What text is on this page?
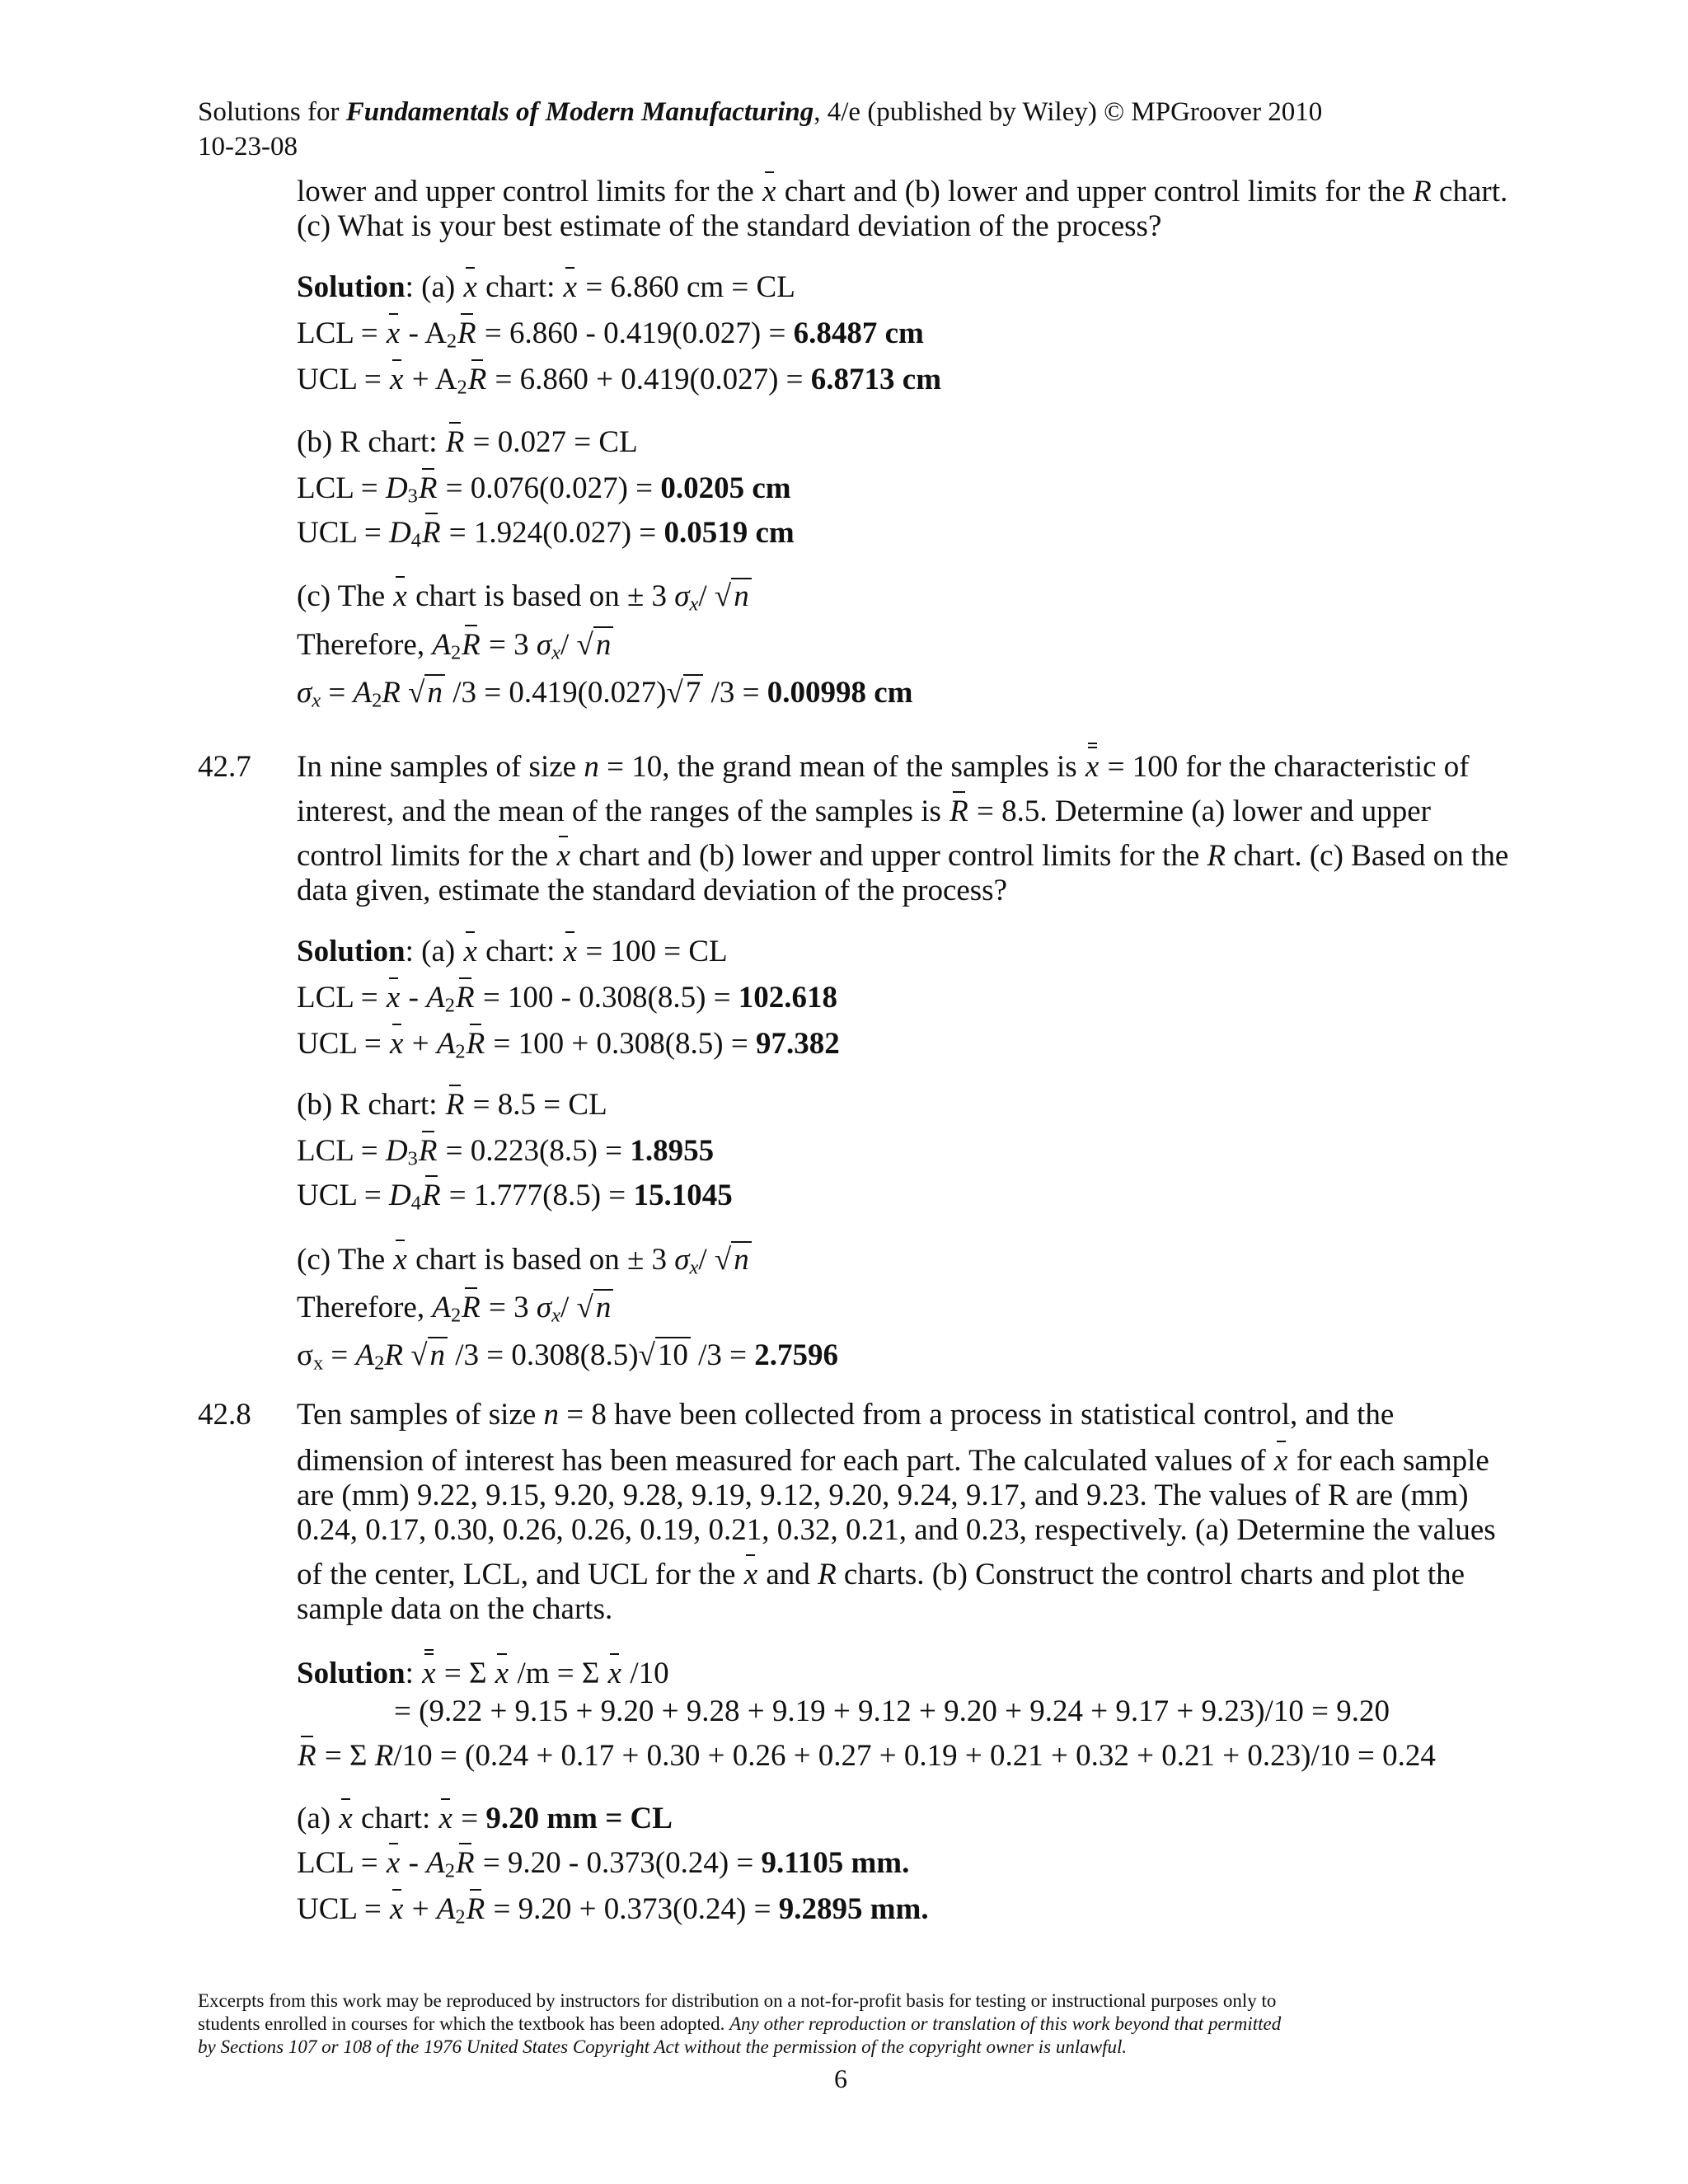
Solutions for Fundamentals of Modern Manufacturing, 4/e (published by Wiley) © MPGroover 2010
10-23-08
lower and upper control limits for the x chart and (b) lower and upper control limits for the R chart.
(c) What is your best estimate of the standard deviation of the process?
Solution: (a) x chart: x = 6.860 cm = CL
LCL = $x - A_2R = 6.860 - 0.419(0.027) = 6.8487$ cm
UCL = $x + A_2R = 6.860 + 0.419(0.027) = 6.8713$ cm
(b) R chart: R = 0.027 = CL
LCL = $D_3R = 0.076(0.027) = 0.0205$ cm
UCL = $D_4R = 1.924(0.027) = 0.0519$ cm
(c) The x chart is based on ± 3 $\sigma_x/$ √n
Therefore, $A_2R = 3$ $\sigma_x/$ √n
$\sigma_x = A_2R$ √n /3 = 0.419(0.027)√7 /3 = 0.00998 cm
42.7 In nine samples of size n = 10, the grand mean of the samples is x = 100 for the characteristic of
interest, and the mean of the ranges of the samples is R = 8.5. Determine (a) lower and upper
control limits for the x chart and (b) lower and upper control limits for the R chart. (c) Based on the
data given, estimate the standard deviation of the process?
Solution: (a) x chart: x = 100 = CL
LCL = $x - A_2R = 100 - 0.308(8.5) = 102.618$
UCL = $x + A_2R = 100 + 0.308(8.5) = 97.382$
(b) R chart: R = 8.5 = CL
LCL = $D_3R = 0.223(8.5) = 1.8955$
UCL = $D_4R = 1.777(8.5) = 15.1045$
(c) The x chart is based on ± 3 $\sigma_x/$ √n
Therefore, $A_2R = 3$ $\sigma_x/$ √n
$\sigma_x = A_2R$ √n /3 = 0.308(8.5)√10 /3 = 2.7596
42.8 Ten samples of size n = 8 have been collected from a process in statistical control, and the
dimension of interest has been measured for each part. The calculated values of x for each sample
are (mm) 9.22, 9.15, 9.20, 9.28, 9.19, 9.12, 9.20, 9.24, 9.17, and 9.23. The values of R are (mm)
0.24, 0.17, 0.30, 0.26, 0.26, 0.19, 0.21, 0.32, 0.21, and 0.23, respectively. (a) Determine the values
of the center, LCL, and UCL for the x and R charts. (b) Construct the control charts and plot the
sample data on the charts.
Solution: x = Σ x /m = Σ x /10
= (9.22 + 9.15 + 9.20 + 9.28 + 9.19 + 9.12 + 9.20 + 9.24 + 9.17 + 9.23)/10 = 9.20
R = Σ R/10 = (0.24 + 0.17 + 0.30 + 0.26 + 0.27 + 0.19 + 0.21 + 0.32 + 0.21 + 0.23)/10 = 0.24
(a) x chart: x = 9.20 mm = CL
LCL = $x - A_2R = 9.20 - 0.373(0.24) = 9.1105$ mm.
UCL = $x + A_2R = 9.20 + 0.373(0.24) = 9.2895$ mm.
Excerpts from this work may be reproduced by instructors for distribution on a not-for-profit basis for testing or instructional purposes only to
students enrolled in courses for which the textbook has been adopted. Any other reproduction or translation of this work beyond that permitted
by Sections 107 or 108 of the 1976 United States Copyright Act without the permission of the copyright owner is unlawful.
6
